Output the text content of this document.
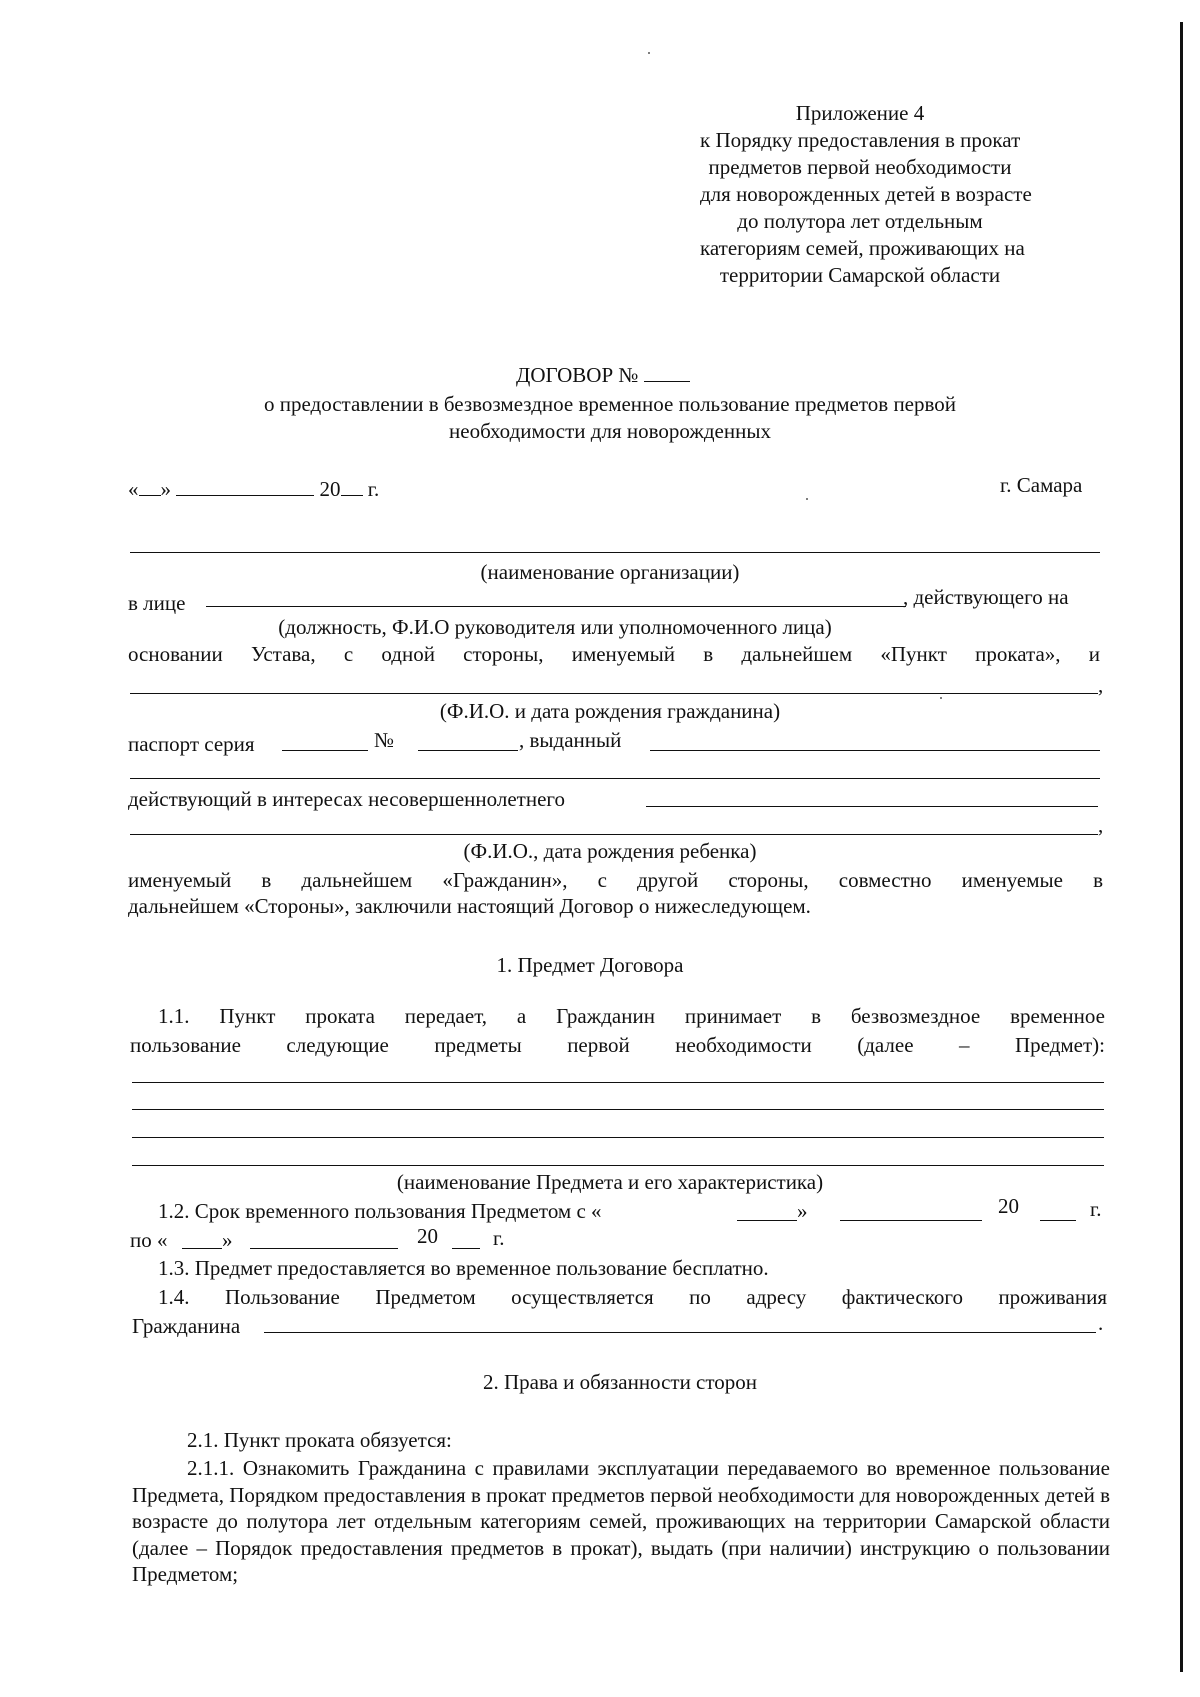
Приложение 4
к Порядку предоставления в прокат
предметов первой необходимости
для новорожденных детей в возрасте
до полутора лет отдельным
категориям семей, проживающих на
территории Самарской области
ДОГОВОР №
о предоставлении в безвозмездное временное пользование предметов первой
необходимости для новорожденных
« »	20 г.	г. Самара
(наименование организации)
в лице	, действующего на
(должность, Ф.И.О руководителя или уполномоченного лица)
основании Устава, с одной стороны, именуемый в дальнейшем «Пункт проката», и
,
(Ф.И.О. и дата рождения гражданина)
паспорт серия	№	, выданный
действующий в интересах несовершеннолетнего
,
(Ф.И.О., дата рождения ребенка)
именуемый в дальнейшем «Гражданин», с другой стороны, совместно именуемые в
дальнейшем «Стороны», заключили настоящий Договор о нижеследующем.
1. Предмет Договора
1.1. Пункт проката передает, а Гражданин принимает в безвозмездное временное
пользование следующие предметы первой необходимости (далее – Предмет):
(наименование Предмета и его характеристика)
1.2. Срок временного пользования Предметом с «	»	20	г.
по «	»	20	г.
1.3. Предмет предоставляется во временное пользование бесплатно.
1.4. Пользование Предметом осуществляется по адресу фактического проживания
Гражданина	.
2. Права и обязанности сторон
2.1. Пункт проката обязуется:
2.1.1. Ознакомить Гражданина с правилами эксплуатации передаваемого во временное пользование Предмета, Порядком предоставления в прокат предметов первой необходимости для новорожденных детей в возрасте до полутора лет отдельным категориям семей, проживающих на территории Самарской области (далее – Порядок предоставления предметов в прокат), выдать (при наличии) инструкцию о пользовании Предметом;
